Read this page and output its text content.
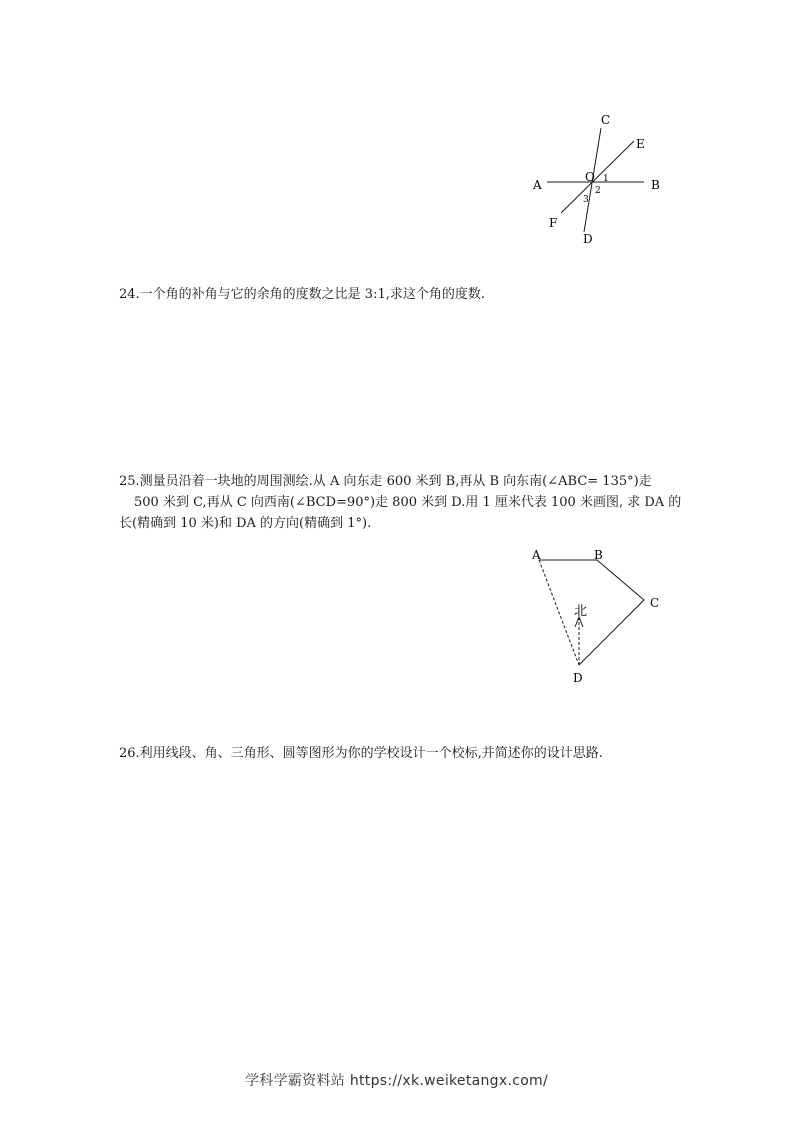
C
E
O 1
A	B
2
3
F
D

24.一个角的补角与它的余角的度数之比是 3:1,求这个角的度数.

25.测量员沿着一块地的周围测绘.从 A 向东走 600 米到 B,再从 B 向东南(∠ABC= 135°)走
500 米到 C,再从 C 向西南(∠BCD=90°)走 800 米到 D.用 1 厘米代表 100 米画图, 求 DA 的
长(精确到 10 米)和 DA 的方向(精确到 1°).

北
A	B
C
D

26.利用线段、角、三角形、圆等图形为你的学校设计一个校标,并简述你的设计思路.

学科学霸资料站 https://xk.weiketangx.com/
